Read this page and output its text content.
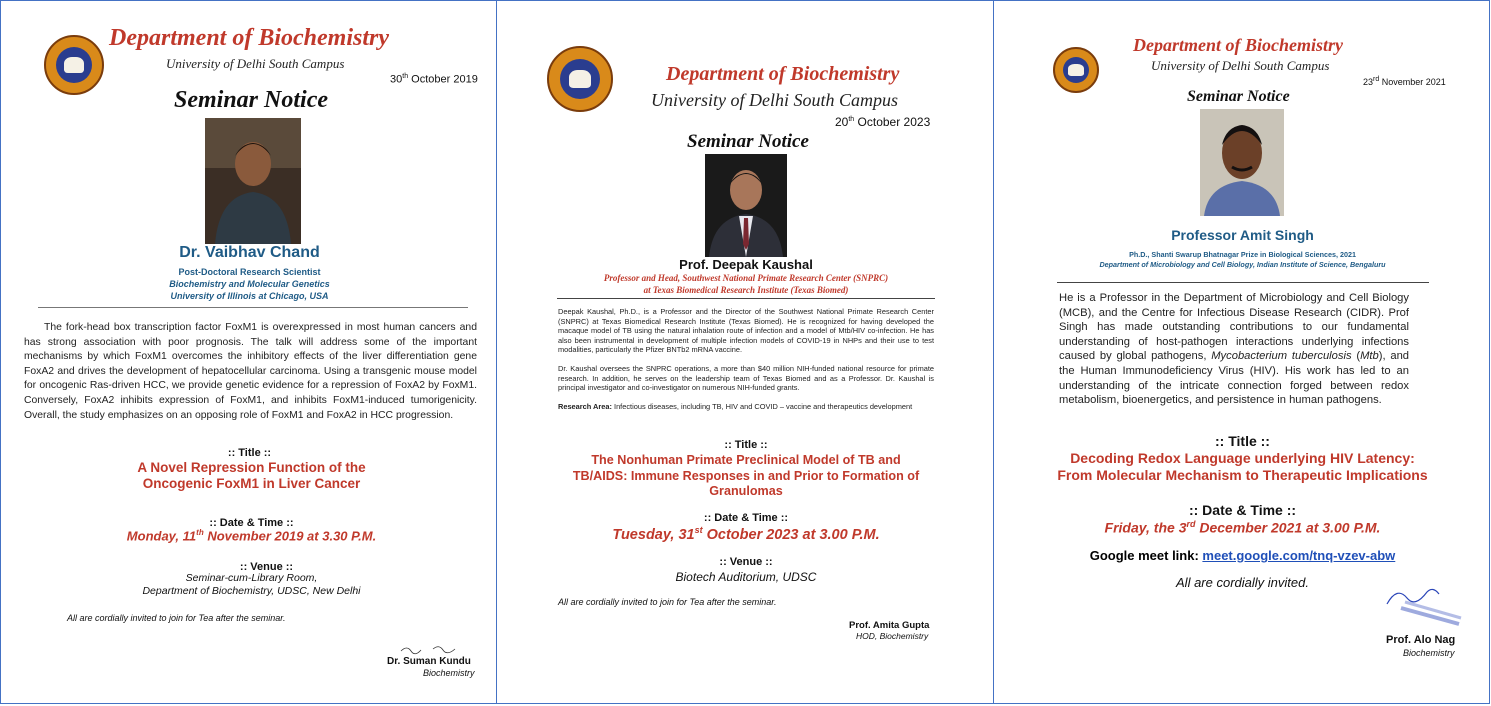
Department of Biochemistry
University of Delhi South Campus
30th October 2019
Seminar Notice
Dr. Vaibhav Chand
Post-Doctoral Research Scientist
Biochemistry and Molecular Genetics
University of Illinois at Chicago, USA
The fork-head box transcription factor FoxM1 is overexpressed in most human cancers and has strong association with poor prognosis. The talk will address some of the important mechanisms by which FoxM1 overcomes the inhibitory effects of the liver differentiation gene FoxA2 and drives the development of hepatocellular carcinoma. Using a transgenic mouse model for oncogenic Ras-driven HCC, we provide genetic evidence for a repression of FoxA2 by FoxM1. Conversely, FoxA2 inhibits expression of FoxM1, and inhibits FoxM1-induced tumorigenicity. Overall, the study emphasizes on an opposing role of FoxM1 and FoxA2 in HCC progression.
:: Title ::
A Novel Repression Function of the
Oncogenic FoxM1 in Liver Cancer
:: Date & Time ::
Monday, 11th November 2019 at 3.30 P.M.
:: Venue ::
Seminar-cum-Library Room,
Department of Biochemistry, UDSC, New Delhi
All are cordially invited to join for Tea after the seminar.
Dr. Suman Kundu
Biochemistry
Department of Biochemistry
University of Delhi South Campus
20th October 2023
Seminar Notice
Prof. Deepak Kaushal
Professor and Head, Southwest National Primate Research Center (SNPRC)
at Texas Biomedical Research Institute (Texas Biomed)
Deepak Kaushal, Ph.D., is a Professor and the Director of the Southwest National Primate Research Center (SNPRC) at Texas Biomedical Research Institute (Texas Biomed). He is recognized for having developed the macaque model of TB using the natural inhalation route of infection and a model of Mtb/HIV co-infection. He has also been instrumental in development of multiple infection models of COVID-19 in NHPs and their use to test modalities, particularly the Pfizer BNTb2 mRNA vaccine.
Dr. Kaushal oversees the SNPRC operations, a more than $40 million NIH-funded national resource for primate research. In addition, he serves on the leadership team of Texas Biomed and as a Professor. Dr. Kaushal is principal investigator and co-investigator on numerous NIH-funded grants.
Research Area: Infectious diseases, including TB, HIV and COVID – vaccine and therapeutics development
:: Title ::
The Nonhuman Primate Preclinical Model of TB and
TB/AIDS: Immune Responses in and Prior to Formation of
Granulomas
:: Date & Time ::
Tuesday, 31st October 2023 at 3.00 P.M.
:: Venue ::
Biotech Auditorium, UDSC
All are cordially invited to join for Tea after the seminar.
Prof. Amita Gupta
HOD, Biochemistry
Department of Biochemistry
University of Delhi South Campus
23rd November 2021
Seminar Notice
Professor Amit Singh
Ph.D., Shanti Swarup Bhatnagar Prize in Biological Sciences, 2021
Department of Microbiology and Cell Biology, Indian Institute of Science, Bengaluru
He is a Professor in the Department of Microbiology and Cell Biology (MCB), and the Centre for Infectious Disease Research (CIDR). Prof Singh has made outstanding contributions to our fundamental understanding of host-pathogen interactions underlying infections caused by global pathogens, Mycobacterium tuberculosis (Mtb), and the Human Immunodeficiency Virus (HIV). His work has led to an understanding of the intricate connection forged between redox metabolism, bioenergetics, and persistence in human pathogens.
:: Title ::
Decoding Redox Language underlying HIV Latency:
From Molecular Mechanism to Therapeutic Implications
:: Date & Time ::
Friday, the 3rd December 2021 at 3.00 P.M.
Google meet link: meet.google.com/tnq-vzev-abw
All are cordially invited.
Prof. Alo Nag
Biochemistry
